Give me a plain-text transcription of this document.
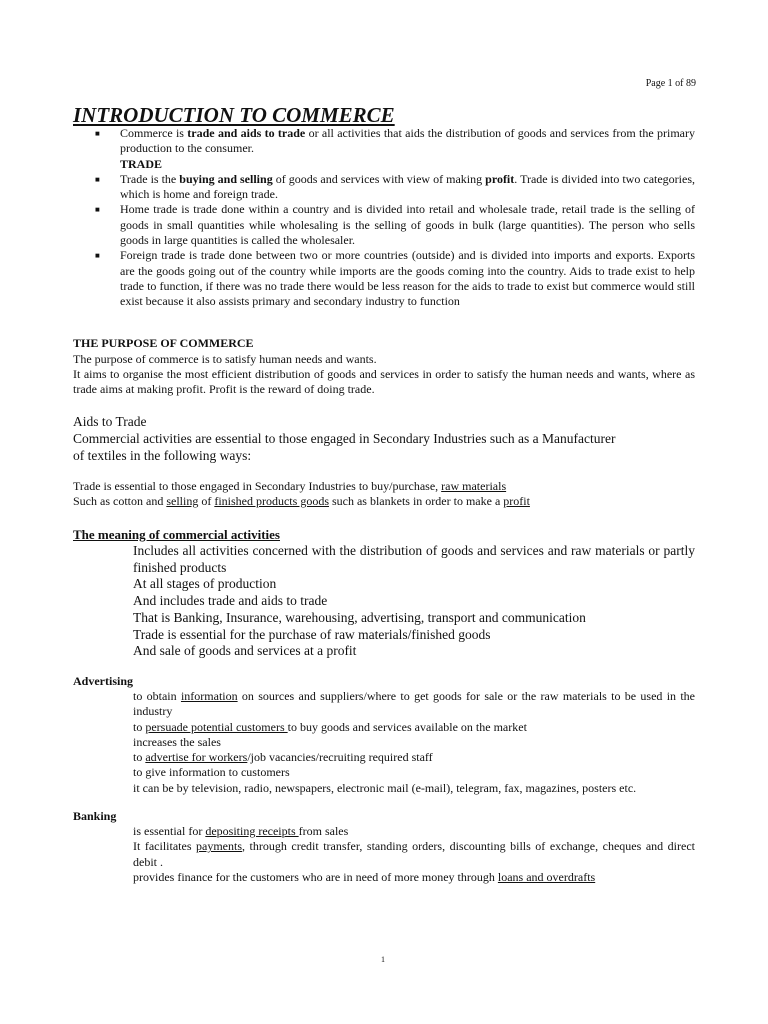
Page 1 of 89
INTRODUCTION TO COMMERCE
■ Commerce is trade and aids to trade or all activities that aids the distribution of goods and services from the primary production to the consumer.
TRADE
■ Trade is the buying and selling of goods and services with view of making profit. Trade is divided into two categories, which is home and foreign trade.
■ Home trade is trade done within a country and is divided into retail and wholesale trade, retail trade is the selling of goods in small quantities while wholesaling is the selling of goods in bulk (large quantities). The person who sells goods in large quantities is called the wholesaler.
■ Foreign trade is trade done between two or more countries (outside) and is divided into imports and exports. Exports are the goods going out of the country while imports are the goods coming into the country. Aids to trade exist to help trade to function, if there was no trade there would be less reason for the aids to trade to exist but commerce would still exist because it also assists primary and secondary industry to function
THE PURPOSE OF COMMERCE
The purpose of commerce is to satisfy human needs and wants.
It aims to organise the most efficient distribution of goods and services in order to satisfy the human needs and wants, where as trade aims at making profit. Profit is the reward of doing trade.
Aids to Trade
Commercial activities are essential to those engaged in Secondary Industries such as a Manufacturer of textiles in the following ways:
Trade is essential to those engaged in Secondary Industries to buy/purchase, raw materials
Such as cotton and selling of finished products goods such as blankets in order to make a profit
The meaning of commercial activities
Includes all activities concerned with the distribution of goods and services and raw materials or partly finished products
At all stages of production
And includes trade and aids to trade
That is Banking, Insurance, warehousing, advertising, transport and communication
Trade is essential for the purchase of raw materials/finished goods
And sale of goods and services at a profit
Advertising
to obtain information on sources and suppliers/where to get goods for sale or the raw materials to be used in the industry
to persuade potential customers to buy goods and services available on the market
increases the sales
to advertise for workers/job vacancies/recruiting required staff
to give information to customers
it can be by television, radio, newspapers, electronic mail (e-mail), telegram, fax, magazines, posters etc.
Banking
is essential for depositing receipts from sales
It facilitates payments, through credit transfer, standing orders, discounting bills of exchange, cheques and direct debit .
provides finance for the customers who are in need of more money through loans and overdrafts
1
